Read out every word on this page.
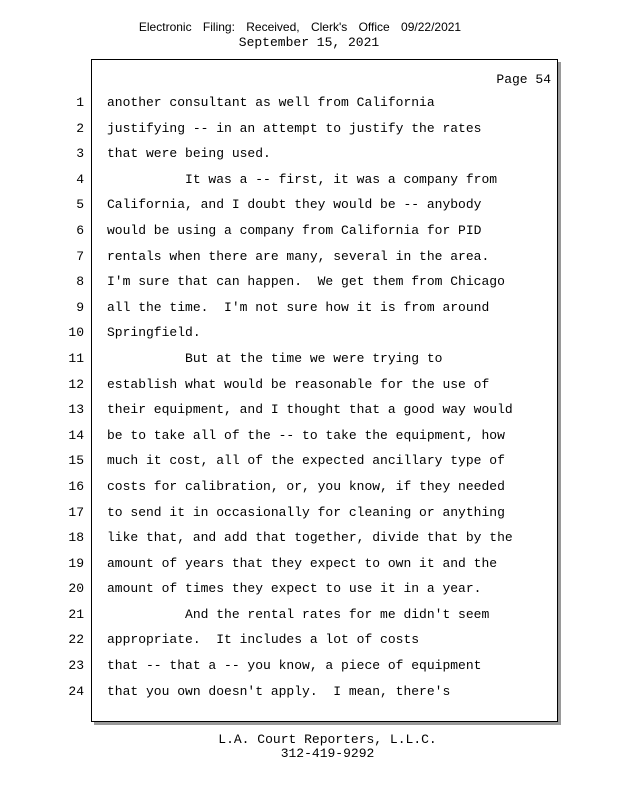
Electronic Filing: Received, Clerk's Office 09/22/2021
September 15, 2021
Page 54
1 another consultant as well from California
2 justifying -- in an attempt to justify the rates
3 that were being used.
4 It was a -- first, it was a company from
5 California, and I doubt they would be -- anybody
6 would be using a company from California for PID
7 rentals when there are many, several in the area.
8 I'm sure that can happen.  We get them from Chicago
9 all the time.  I'm not sure how it is from around
10 Springfield.
11 But at the time we were trying to
12 establish what would be reasonable for the use of
13 their equipment, and I thought that a good way would
14 be to take all of the -- to take the equipment, how
15 much it cost, all of the expected ancillary type of
16 costs for calibration, or, you know, if they needed
17 to send it in occasionally for cleaning or anything
18 like that, and add that together, divide that by the
19 amount of years that they expect to own it and the
20 amount of times they expect to use it in a year.
21 And the rental rates for me didn't seem
22 appropriate.  It includes a lot of costs
23 that -- that a -- you know, a piece of equipment
24 that you own doesn't apply.  I mean, there's
L.A. Court Reporters, L.L.C.
312-419-9292
